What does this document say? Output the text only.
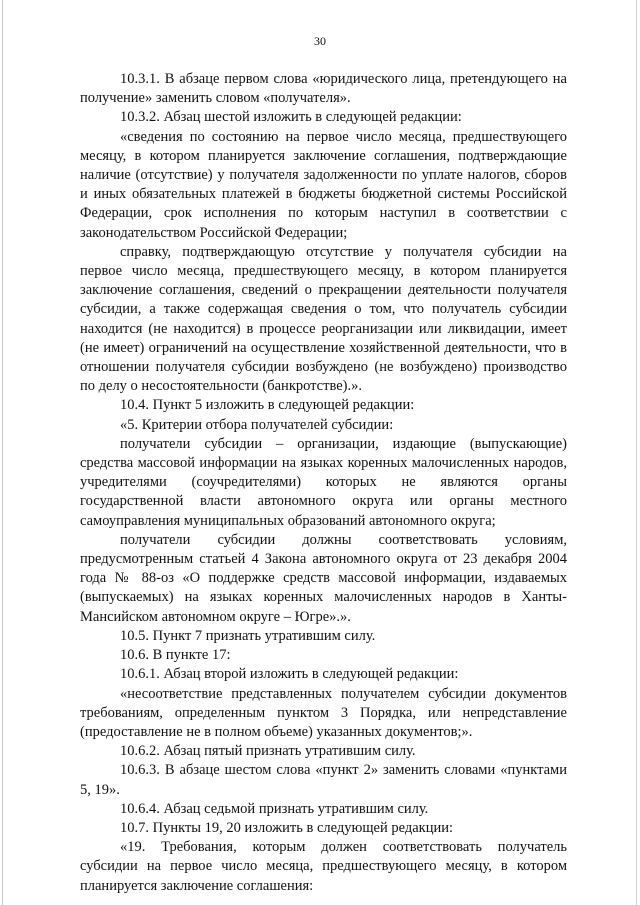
30

10.3.1. В абзаце первом слова «юридического лица, претендующего на получение» заменить словом «получателя».

10.3.2. Абзац шестой изложить в следующей редакции:

«сведения по состоянию на первое число месяца, предшествующего месяцу, в котором планируется заключение соглашения, подтверждающие наличие (отсутствие) у получателя задолженности по уплате налогов, сборов и иных обязательных платежей в бюджеты бюджетной системы Российской Федерации, срок исполнения по которым наступил в соответствии с законодательством Российской Федерации;

справку, подтверждающую отсутствие у получателя субсидии на первое число месяца, предшествующего месяцу, в котором планируется заключение соглашения, сведений о прекращении деятельности получателя субсидии, а также содержащая сведения о том, что получатель субсидии находится (не находится) в процессе реорганизации или ликвидации, имеет (не имеет) ограничений на осуществление хозяйственной деятельности, что в отношении получателя субсидии возбуждено (не возбуждено) производство по делу о несостоятельности (банкротстве).».

10.4. Пункт 5 изложить в следующей редакции:

«5. Критерии отбора получателей субсидии:

получатели субсидии – организации, издающие (выпускающие) средства массовой информации на языках коренных малочисленных народов, учредителями (соучредителями) которых не являются органы государственной власти автономного округа или органы местного самоуправления муниципальных образований автономного округа;

получатели субсидии должны соответствовать условиям, предусмотренным статьей 4 Закона автономного округа от 23 декабря 2004 года № 88-оз «О поддержке средств массовой информации, издаваемых (выпускаемых) на языках коренных малочисленных народов в Ханты-Мансийском автономном округе – Югре».».

10.5. Пункт 7 признать утратившим силу.

10.6. В пункте 17:

10.6.1. Абзац второй изложить в следующей редакции:

«несоответствие представленных получателем субсидии документов требованиям, определенным пунктом 3 Порядка, или непредставление (предоставление не в полном объеме) указанных документов;».

10.6.2. Абзац пятый признать утратившим силу.

10.6.3. В абзаце шестом слова «пункт 2» заменить словами «пунктами 5, 19».

10.6.4. Абзац седьмой признать утратившим силу.

10.7. Пункты 19, 20 изложить в следующей редакции:

«19. Требования, которым должен соответствовать получатель субсидии на первое число месяца, предшествующего месяцу, в котором планируется заключение соглашения:
